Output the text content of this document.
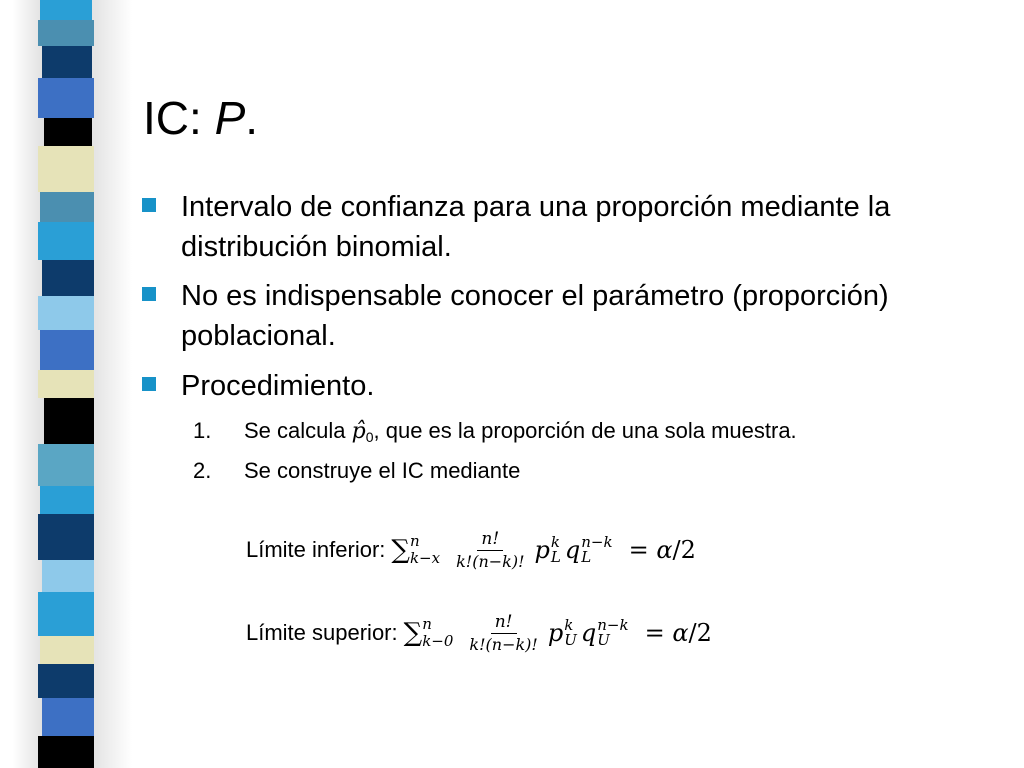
IC: P.
Intervalo de confianza para una proporción mediante la
distribución binomial.
No es indispensable conocer el parámetro (proporción)
poblacional.
Procedimiento.
1. Se calcula $p̂_0$, que es la proporción de una sola muestra.
2. Se construye el IC mediante
Límite inferior: ∑ n
$k-x \frac{n!}{k!(n-k)!}$ p k
L q n−k
L	= α/2
Límite superior: ∑ n
$k-0 \frac{n!}{k!(n-k)!}$ p k
U q n−k
U	= α/2
